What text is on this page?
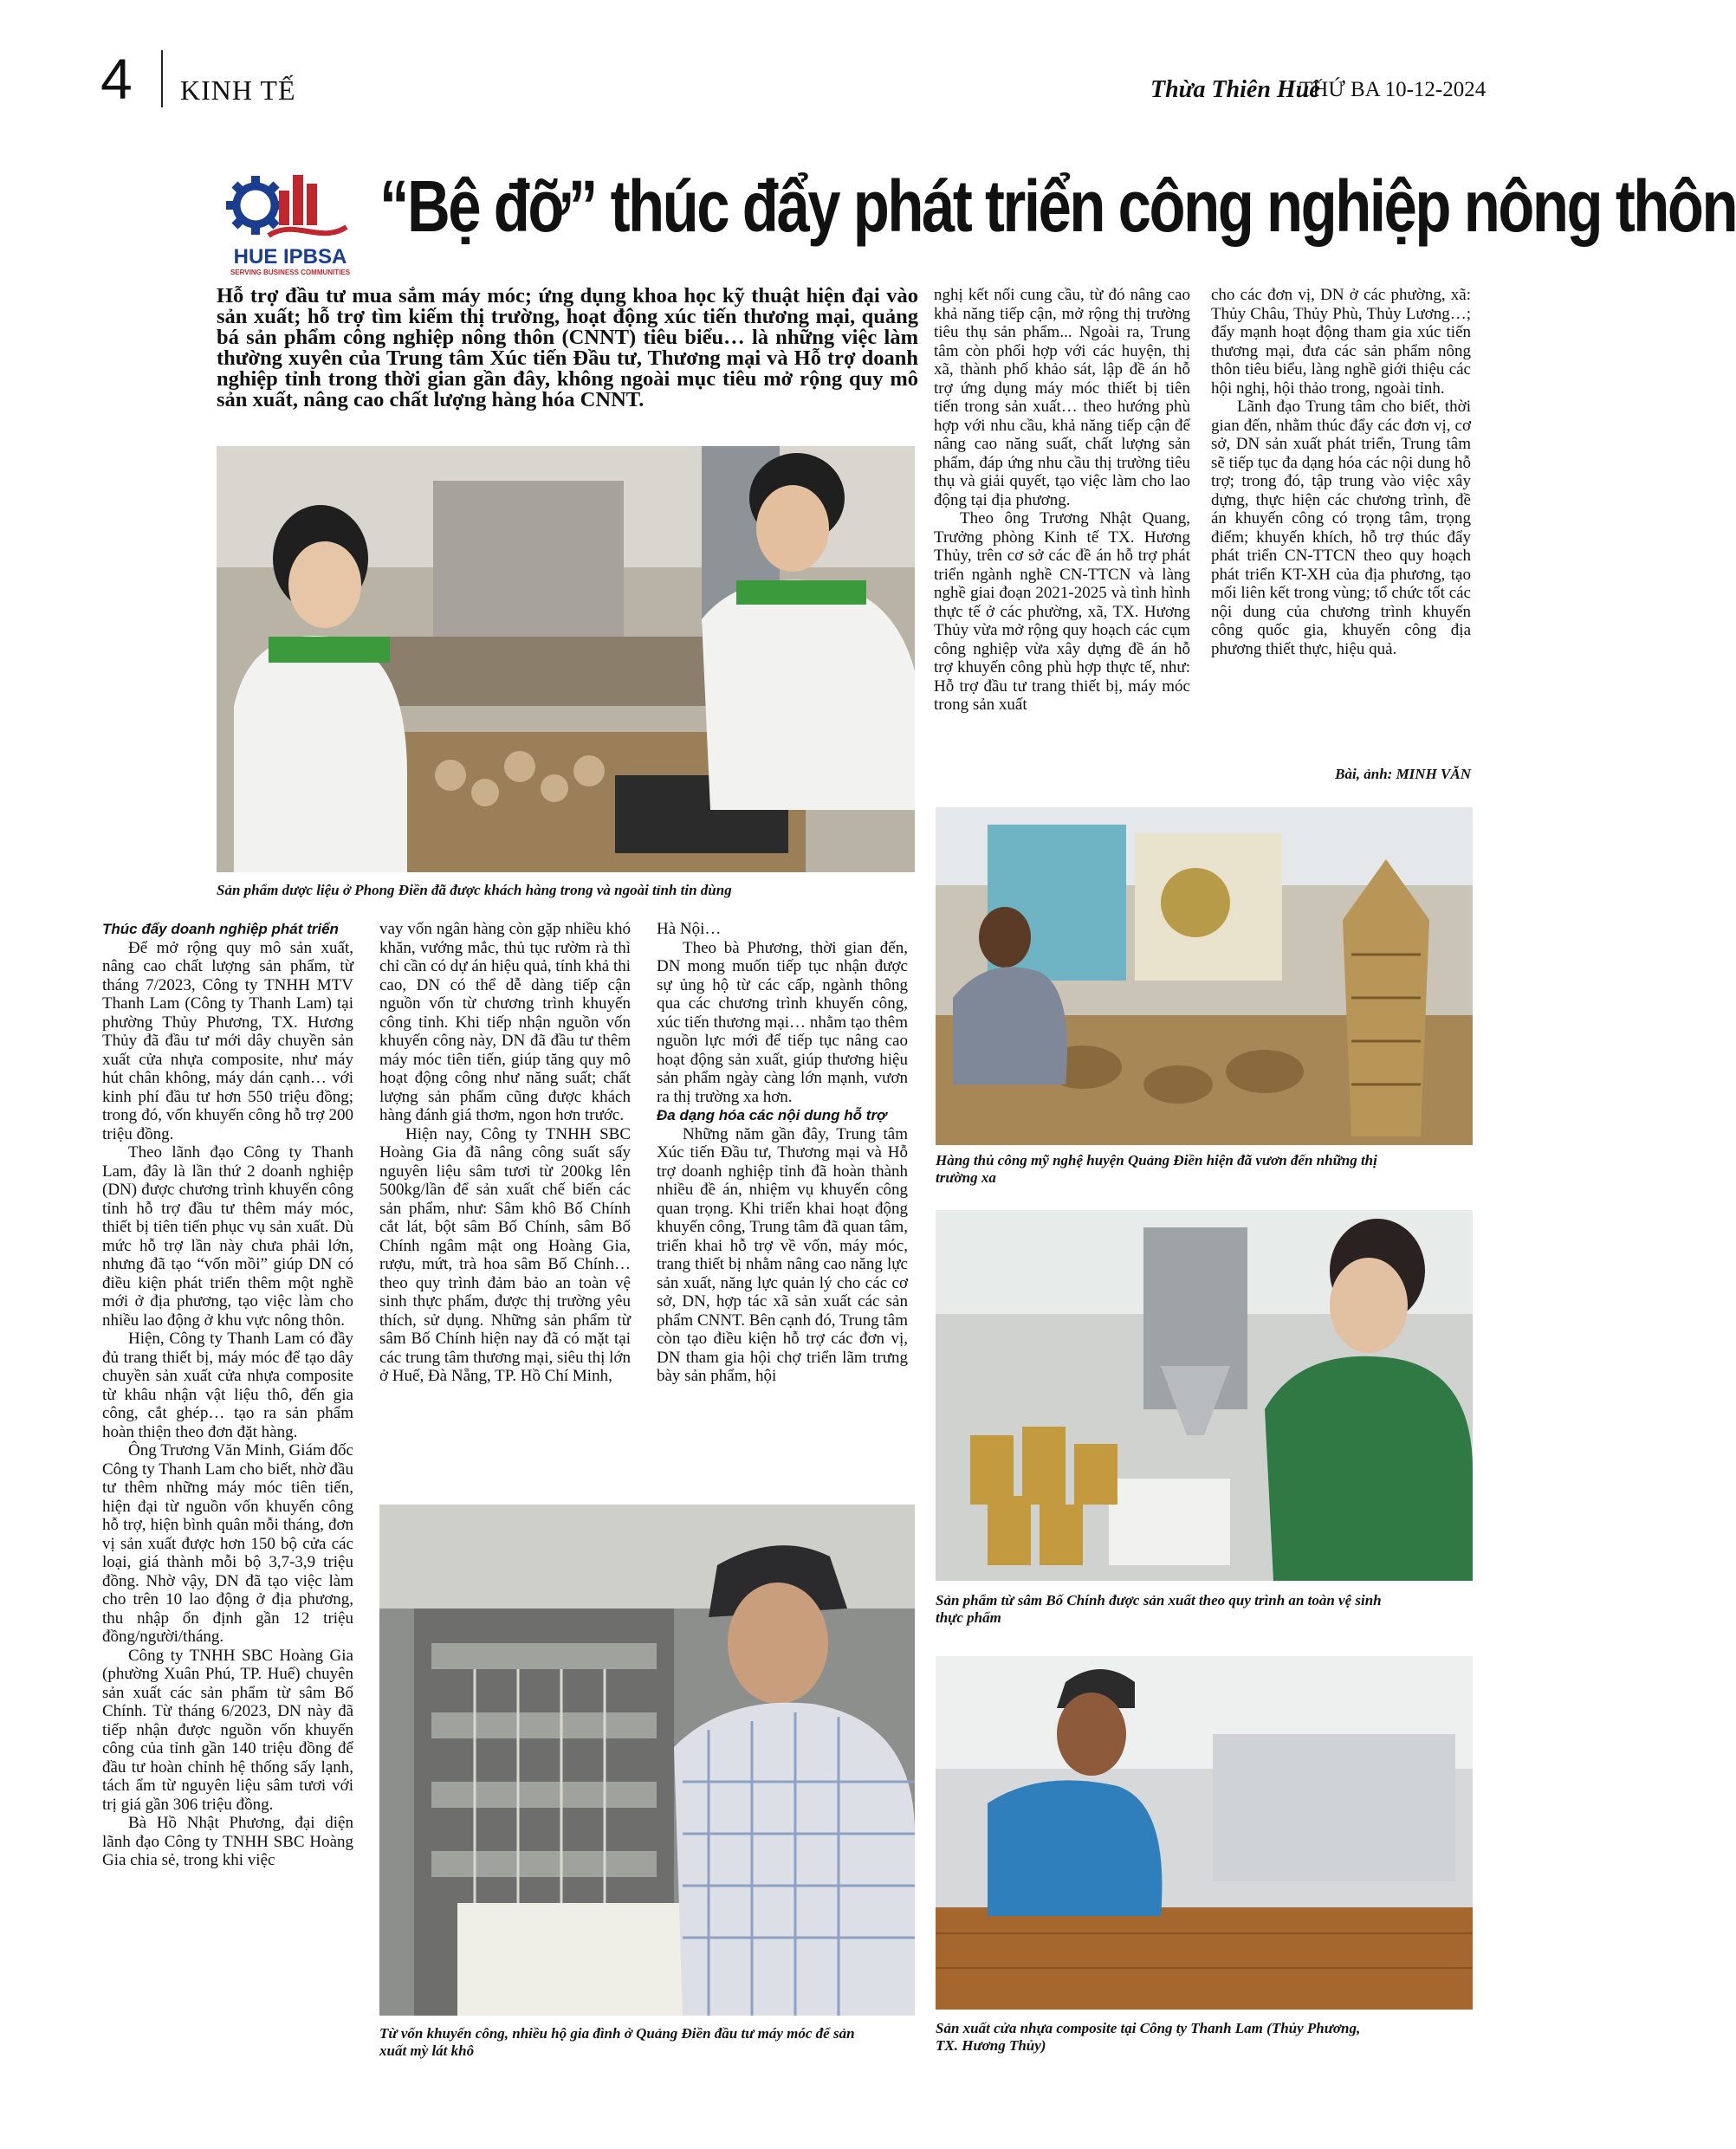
4 KINH TẾ	Thừa Thiên Huế
THỨ BA 10-12-2024
HUE IPBSA
SERVING BUSINESS COMMUNITIES
“Bệ đỡ” thúc đẩy phát triển công nghiệp nông thôn
Hỗ trợ đầu tư mua sắm máy móc; ứng dụng khoa học kỹ thuật hiện đại vào sản xuất; hỗ trợ tìm kiếm thị trường, hoạt động xúc tiến thương mại, quảng bá sản phẩm công nghiệp nông thôn (CNNT) tiêu biểu… là những việc làm thường xuyên của Trung tâm Xúc tiến Đầu tư, Thương mại và Hỗ trợ doanh nghiệp tỉnh trong thời gian gần đây, không ngoài mục tiêu mở rộng quy mô sản xuất, nâng cao chất lượng hàng hóa CNNT.
Sản phẩm dược liệu ở Phong Điền đã được khách hàng trong và ngoài tỉnh tin dùng
Hàng thủ công mỹ nghệ huyện Quảng Điền hiện đã vươn đến những thị trường xa
Sản phẩm từ sâm Bố Chính được sản xuất theo quy trình an toàn vệ sinh thực phẩm
Từ vốn khuyến công, nhiều hộ gia đình ở Quảng Điền đầu tư máy móc để sản xuất mỳ lát khô
Sản xuất cửa nhựa composite tại Công ty Thanh Lam (Thủy Phương, TX. Hương Thủy)
Thúc đẩy doanh nghiệp phát triển

Để mở rộng quy mô sản xuất, nâng cao chất lượng sản phẩm, từ tháng 7/2023, Công ty TNHH MTV Thanh Lam (Công ty Thanh Lam) tại phường Thủy Phương, TX. Hương Thủy đã đầu tư mới dây chuyền sản xuất cửa nhựa composite, như máy hút chân không, máy dán cạnh… với kinh phí đầu tư hơn 550 triệu đồng; trong đó, vốn khuyến công hỗ trợ 200 triệu đồng.

Theo lãnh đạo Công ty Thanh Lam, đây là lần thứ 2 doanh nghiệp (DN) được chương trình khuyến công tỉnh hỗ trợ đầu tư thêm máy móc, thiết bị tiên tiến phục vụ sản xuất. Dù mức hỗ trợ lần này chưa phải lớn, nhưng đã tạo “vốn mồi” giúp DN có điều kiện phát triển thêm một nghề mới ở địa phương, tạo việc làm cho nhiều lao động ở khu vực nông thôn.

Hiện, Công ty Thanh Lam có đầy đủ trang thiết bị, máy móc để tạo dây chuyền sản xuất cửa nhựa composite từ khâu nhận vật liệu thô, đến gia công, cắt ghép… tạo ra sản phẩm hoàn thiện theo đơn đặt hàng.

Ông Trương Văn Minh, Giám đốc Công ty Thanh Lam cho biết, nhờ đầu tư thêm những máy móc tiên tiến, hiện đại từ nguồn vốn khuyến công hỗ trợ, hiện bình quân mỗi tháng, đơn vị sản xuất được hơn 150 bộ cửa các loại, giá thành mỗi bộ 3,7-3,9 triệu đồng. Nhờ vậy, DN đã tạo việc làm cho trên 10 lao động ở địa phương, thu nhập ổn định gần 12 triệu đồng/người/tháng.

Công ty TNHH SBC Hoàng Gia (phường Xuân Phú, TP. Huế) chuyên sản xuất các sản phẩm từ sâm Bố Chính. Từ tháng 6/2023, DN này đã tiếp nhận được nguồn vốn khuyến công của tỉnh gần 140 triệu đồng để đầu tư hoàn chỉnh hệ thống sấy lạnh, tách ẩm từ nguyên liệu sâm tươi với trị giá gần 306 triệu đồng.

Bà Hồ Nhật Phương, đại diện lãnh đạo Công ty TNHH SBC Hoàng Gia chia sẻ, trong khi việc

vay vốn ngân hàng còn gặp nhiều khó khăn, vướng mắc, thủ tục rườm rà thì chỉ cần có dự án hiệu quả, tính khả thi cao, DN có thể dễ dàng tiếp cận nguồn vốn từ chương trình khuyến công tỉnh. Khi tiếp nhận nguồn vốn khuyến công này, DN đã đầu tư thêm máy móc tiên tiến, giúp tăng quy mô hoạt động công như năng suất; chất lượng sản phẩm cũng được khách hàng đánh giá thơm, ngon hơn trước.

Hiện nay, Công ty TNHH SBC Hoàng Gia đã nâng công suất sấy nguyên liệu sâm tươi từ 200kg lên 500kg/lần để sản xuất chế biến các sản phẩm, như: Sâm khô Bố Chính cắt lát, bột sâm Bố Chính, sâm Bố Chính ngâm mật ong Hoàng Gia, rượu, mứt, trà hoa sâm Bố Chính… theo quy trình đảm bảo an toàn vệ sinh thực phẩm, được thị trường yêu thích, sử dụng. Những sản phẩm từ sâm Bố Chính hiện nay đã có mặt tại các trung tâm thương mại, siêu thị lớn ở Huế, Đà Nẵng, TP. Hồ Chí Minh,

Hà Nội…

Theo bà Phương, thời gian đến, DN mong muốn tiếp tục nhận được sự ủng hộ từ các cấp, ngành thông qua các chương trình khuyến công, xúc tiến thương mại… nhằm tạo thêm nguồn lực mới để tiếp tục nâng cao hoạt động sản xuất, giúp thương hiệu sản phẩm ngày càng lớn mạnh, vươn ra thị trường xa hơn.

Đa dạng hóa các nội dung hỗ trợ

Những năm gần đây, Trung tâm Xúc tiến Đầu tư, Thương mại và Hỗ trợ doanh nghiệp tỉnh đã hoàn thành nhiều đề án, nhiệm vụ khuyến công quan trọng. Khi triển khai hoạt động khuyến công, Trung tâm đã quan tâm, triển khai hỗ trợ về vốn, máy móc, trang thiết bị nhằm nâng cao năng lực sản xuất, năng lực quản lý cho các cơ sở, DN, hợp tác xã sản xuất các sản phẩm CNNT. Bên cạnh đó, Trung tâm còn tạo điều kiện hỗ trợ các đơn vị, DN tham gia hội chợ triển lãm trưng bày sản phẩm, hội

nghị kết nối cung cầu, từ đó nâng cao khả năng tiếp cận, mở rộng thị trường tiêu thụ sản phẩm... Ngoài ra, Trung tâm còn phối hợp với các huyện, thị xã, thành phố khảo sát, lập đề án hỗ trợ ứng dụng máy móc thiết bị tiên tiến trong sản xuất… theo hướng phù hợp với nhu cầu, khả năng tiếp cận để nâng cao năng suất, chất lượng sản phẩm, đáp ứng nhu cầu thị trường tiêu thụ và giải quyết, tạo việc làm cho lao động tại địa phương.

Theo ông Trương Nhật Quang, Trưởng phòng Kinh tế TX. Hương Thủy, trên cơ sở các đề án hỗ trợ phát triển ngành nghề CN-TTCN và làng nghề giai đoạn 2021-2025 và tình hình thực tế ở các phường, xã, TX. Hương Thủy vừa mở rộng quy hoạch các cụm công nghiệp vừa xây dựng đề án hỗ trợ khuyến công phù hợp thực tế, như: Hỗ trợ đầu tư trang thiết bị, máy móc trong sản xuất

cho các đơn vị, DN ở các phường, xã: Thủy Châu, Thủy Phù, Thủy Lương…; đẩy mạnh hoạt động tham gia xúc tiến thương mại, đưa các sản phẩm nông thôn tiêu biểu, làng nghề giới thiệu các hội nghị, hội thảo trong, ngoài tỉnh.

Lãnh đạo Trung tâm cho biết, thời gian đến, nhằm thúc đẩy các đơn vị, cơ sở, DN sản xuất phát triển, Trung tâm sẽ tiếp tục đa dạng hóa các nội dung hỗ trợ; trong đó, tập trung vào việc xây dựng, thực hiện các chương trình, đề án khuyến công có trọng tâm, trọng điểm; khuyến khích, hỗ trợ thúc đẩy phát triển CN-TTCN theo quy hoạch phát triển KT-XH của địa phương, tạo mối liên kết trong vùng; tổ chức tốt các nội dung của chương trình khuyến công quốc gia, khuyến công địa phương thiết thực, hiệu quả.

Bài, ảnh: MINH VĂN
